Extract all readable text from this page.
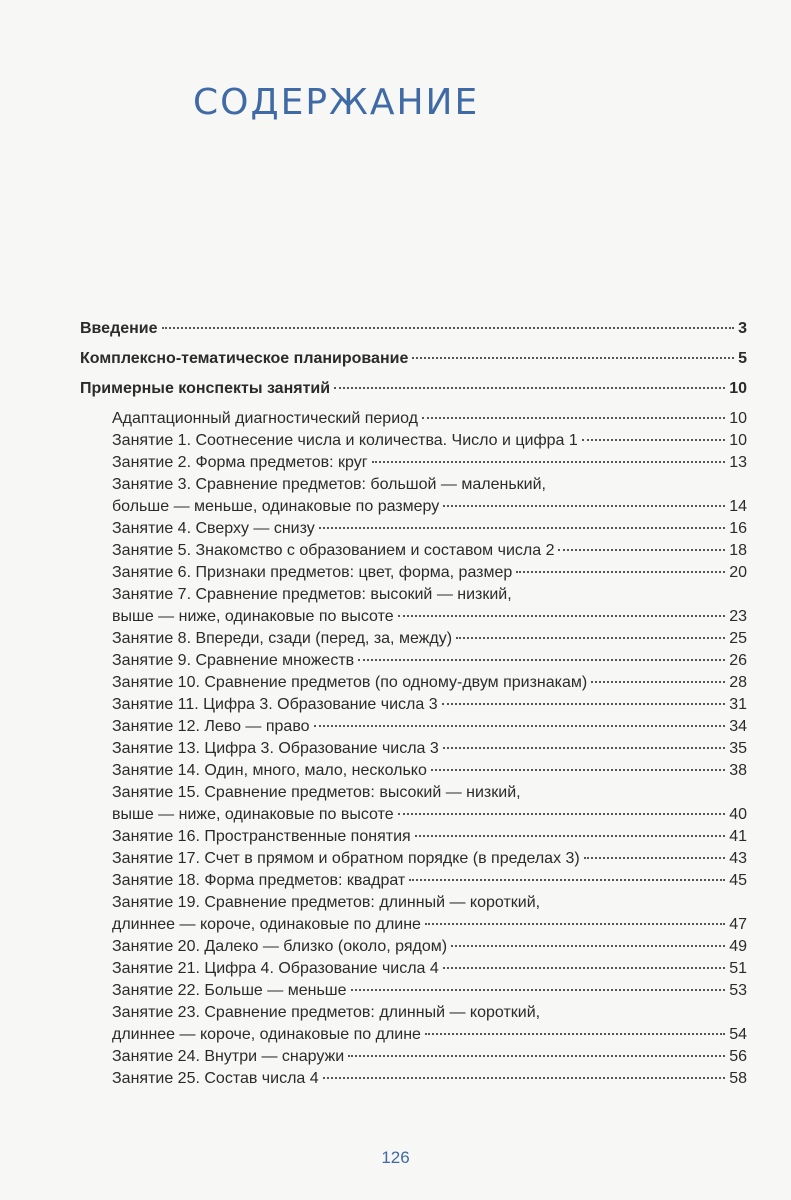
СОДЕРЖАНИЕ
Введение	3
Комплексно-тематическое планирование	5
Примерные конспекты занятий	10
Адаптационный диагностический период	10
Занятие 1. Соотнесение числа и количества. Число и цифра 1	10
Занятие 2. Форма предметов: круг	13
Занятие 3. Сравнение предметов: большой — маленький,
больше — меньше, одинаковые по размеру	14
Занятие 4. Сверху — снизу	16
Занятие 5. Знакомство с образованием и составом числа 2	18
Занятие 6. Признаки предметов: цвет, форма, размер	20
Занятие 7. Сравнение предметов: высокий — низкий,
выше — ниже, одинаковые по высоте	23
Занятие 8. Впереди, сзади (перед, за, между)	25
Занятие 9. Сравнение множеств	26
Занятие 10. Сравнение предметов (по одному-двум признакам)	28
Занятие 11. Цифра 3. Образование числа 3	31
Занятие 12. Лево — право	34
Занятие 13. Цифра 3. Образование числа 3	35
Занятие 14. Один, много, мало, несколько	38
Занятие 15. Сравнение предметов: высокий — низкий,
выше — ниже, одинаковые по высоте	40
Занятие 16. Пространственные понятия	41
Занятие 17. Счет в прямом и обратном порядке (в пределах 3)	43
Занятие 18. Форма предметов: квадрат	45
Занятие 19. Сравнение предметов: длинный — короткий,
длиннее — короче, одинаковые по длине	47
Занятие 20. Далеко — близко (около, рядом)	49
Занятие 21. Цифра 4. Образование числа 4	51
Занятие 22. Больше — меньше	53
Занятие 23. Сравнение предметов: длинный — короткий,
длиннее — короче, одинаковые по длине	54
Занятие 24. Внутри — снаружи	56
Занятие 25. Состав числа 4	58
126
